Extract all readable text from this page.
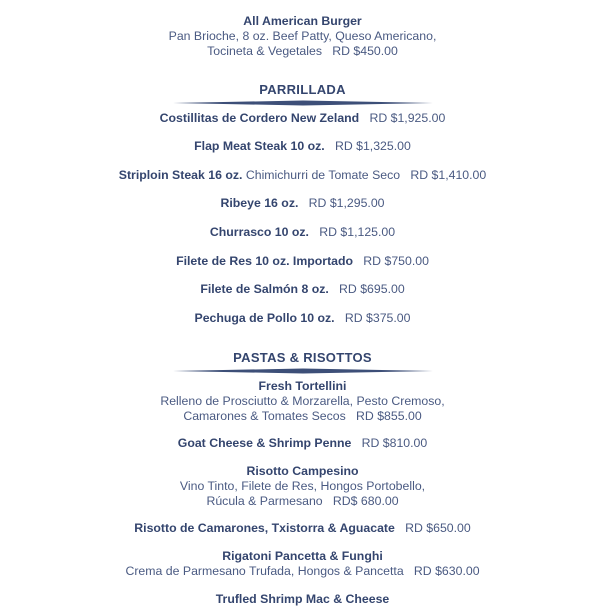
All American Burger
Pan Brioche, 8 oz. Beef Patty, Queso Americano,
Tocineta & Vegetales RD $450.00
PARRILLADA
Costillitas de Cordero New Zeland RD $1,925.00
Flap Meat Steak 10 oz. RD $1,325.00
Striploin Steak 16 oz. Chimichurri de Tomate Seco RD $1,410.00
Ribeye 16 oz. RD $1,295.00
Churrasco 10 oz. RD $1,125.00
Filete de Res 10 oz. Importado RD $750.00
Filete de Salmón 8 oz. RD $695.00
Pechuga de Pollo 10 oz. RD $375.00
PASTAS & RISOTTOS
Fresh Tortellini
Relleno de Prosciutto & Morzarella, Pesto Cremoso,
Camarones & Tomates Secos RD $855.00
Goat Cheese & Shrimp Penne RD $810.00
Risotto Campesino
Vino Tinto, Filete de Res, Hongos Portobello,
Rúcula & Parmesano RD$ 680.00
Risotto de Camarones, Txistorra & Aguacate RD $650.00
Rigatoni Pancetta & Funghi
Crema de Parmesano Trufada, Hongos & Pancetta RD $630.00
Trufled Shrimp Mac & Cheese
